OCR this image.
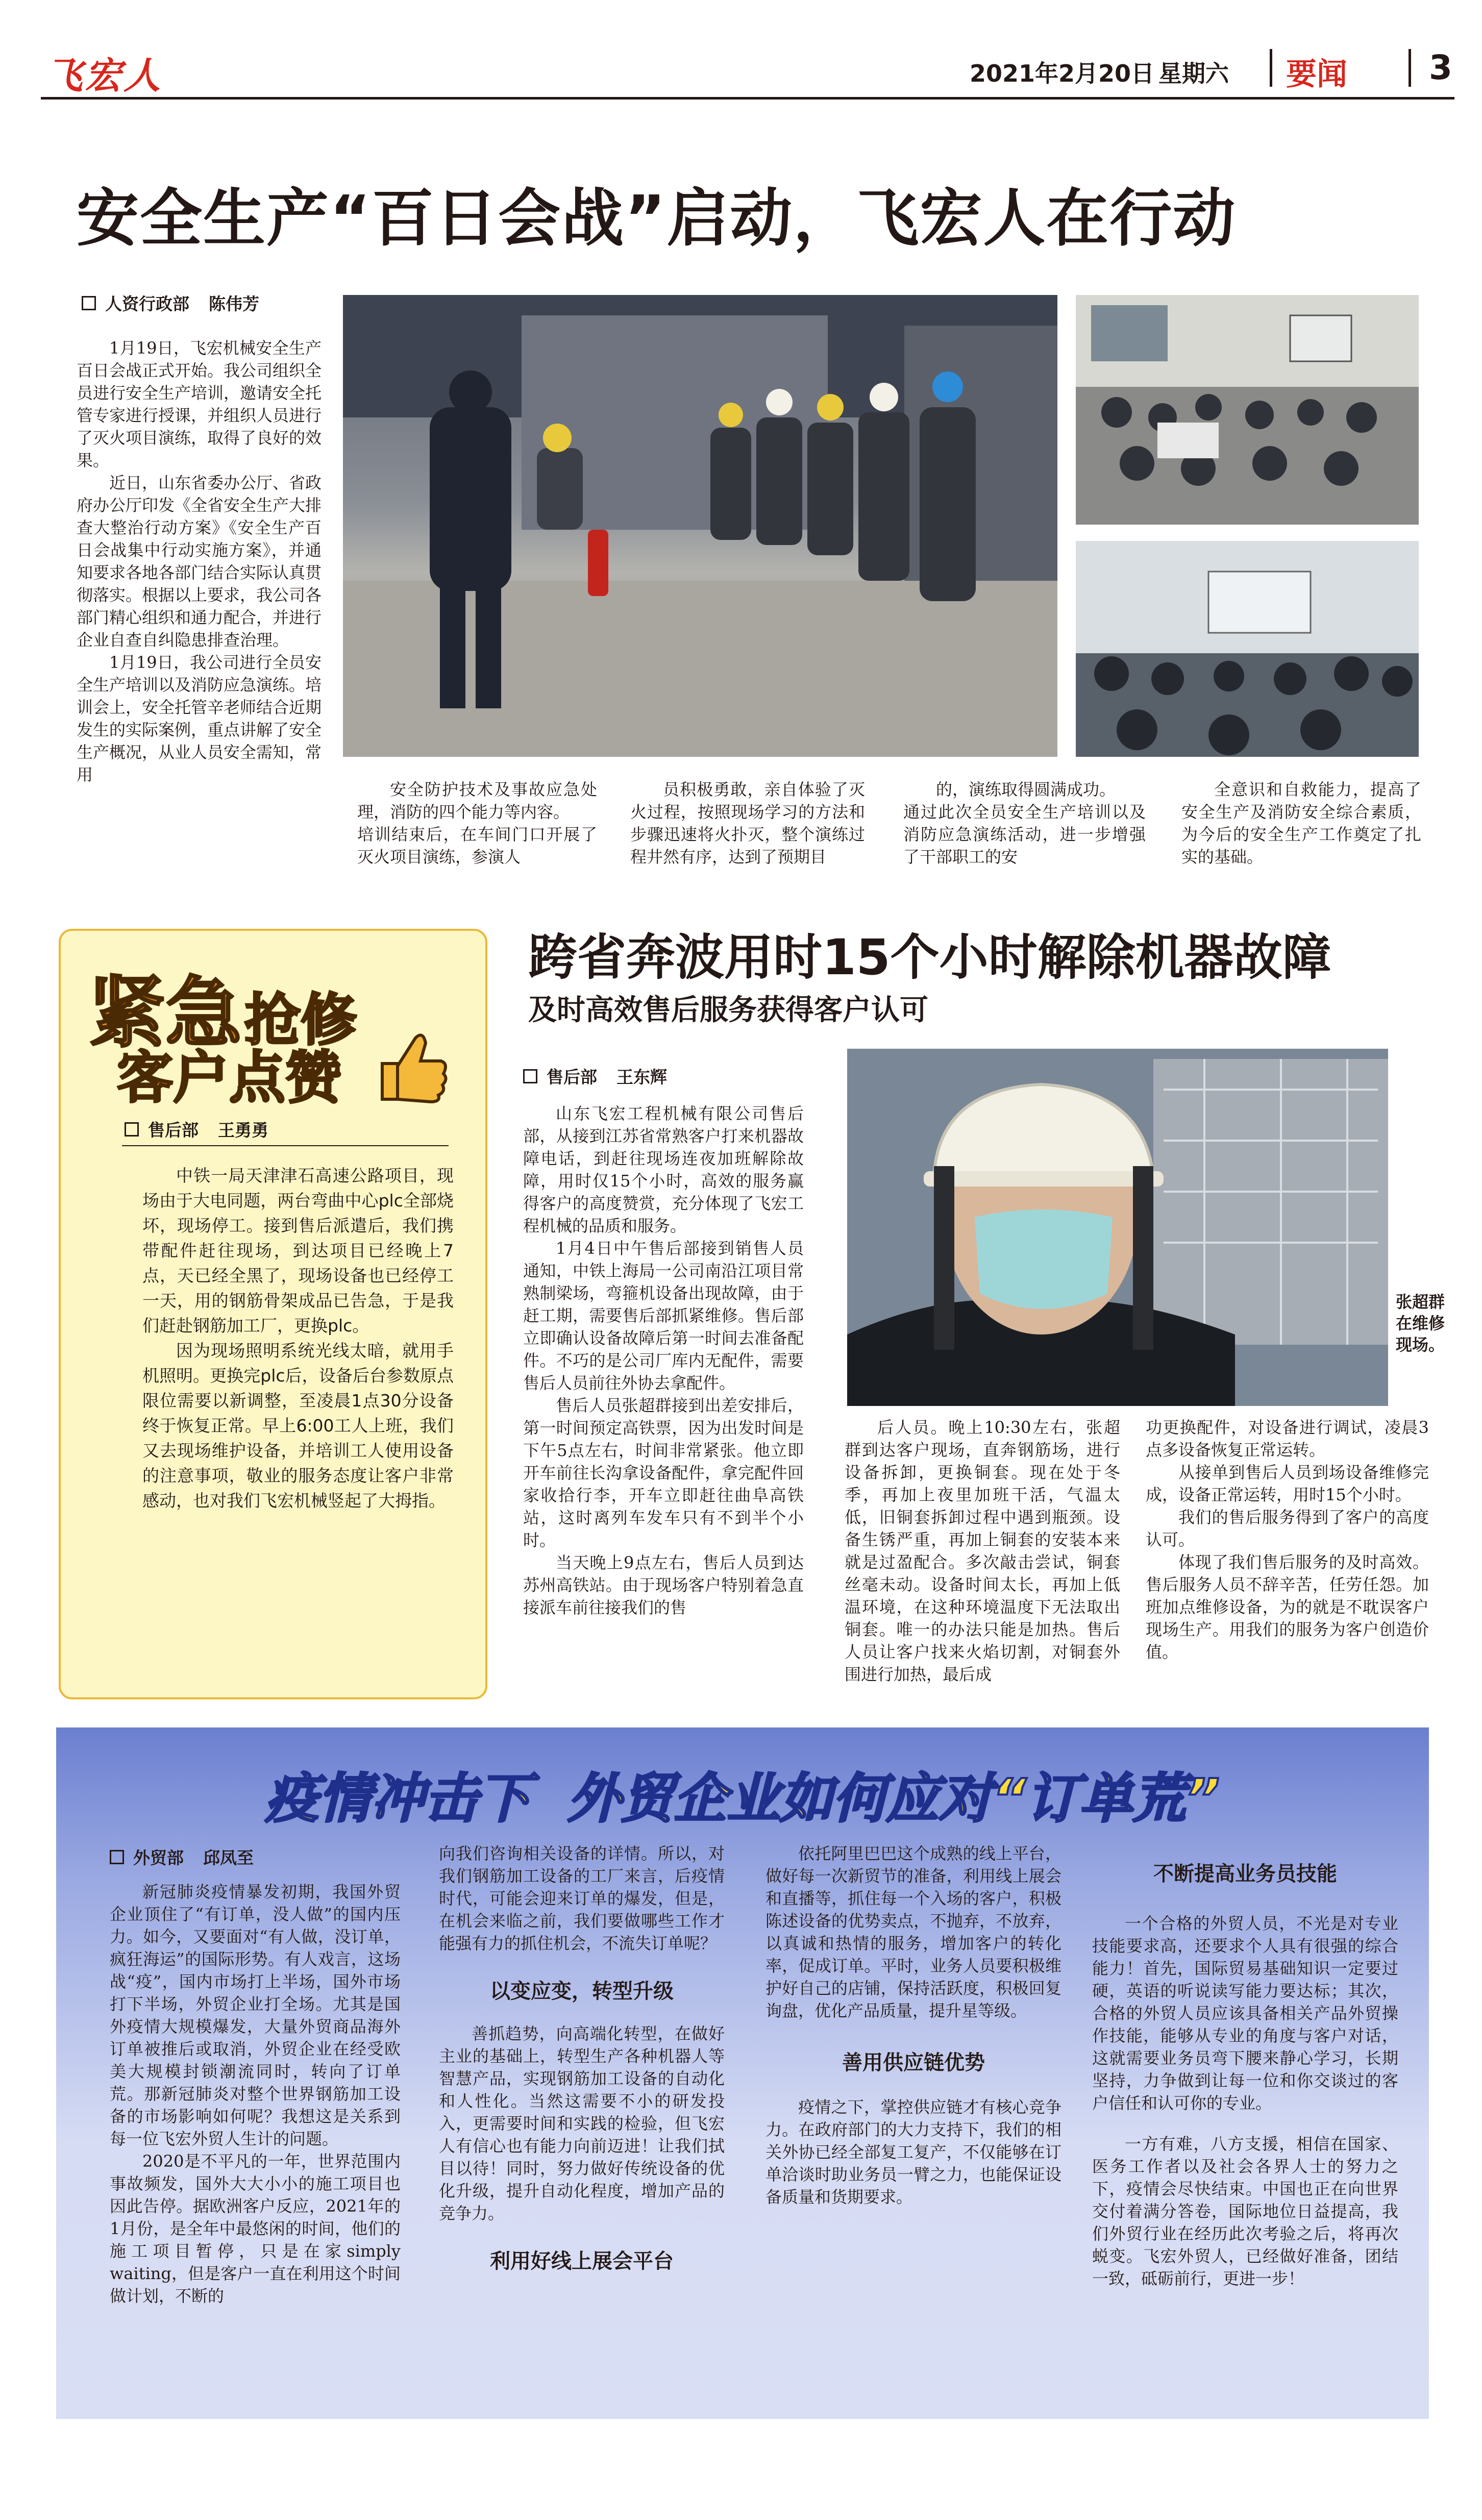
飞宏人	2021年2月20日 星期六 要闻 3
安全生产“百日会战”启动，飞宏人在行动
人资行政部 陈伟芳

1月19日，飞宏机械安全生产百日会战正式开始。我公司组织全员进行安全生产培训，邀请安全托管专家进行授课，并组织人员进行了灭火项目演练，取得了良好的效果。

近日，山东省委办公厅、省政府办公厅印发《全省安全生产大排查大整治行动方案》《安全生产百日会战集中行动实施方案》，并通知要求各地各部门结合实际认真贯彻落实。根据以上要求，我公司各部门精心组织和通力配合，并进行企业自查自纠隐患排查治理。

1月19日，我公司进行全员安全生产培训以及消防应急演练。培训会上，安全托管辛老师结合近期发生的实际案例，重点讲解了安全生产概况，从业人员安全需知，常用

安全防护技术及事故应急处理，消防的四个能力等内容。
培训结束后，在车间门口开展了灭火项目演练，参演人
员积极勇敢，亲自体验了灭火过程，按照现场学习的方法和步骤迅速将火扑灭，整个演练过程井然有序，达到了预期目
的，演练取得圆满成功。
通过此次全员安全生产培训以及消防应急演练活动，进一步增强了干部职工的安
全意识和自救能力，提高了安全生产及消防安全综合素质，为今后的安全生产工作奠定了扎实的基础。
紧急 抢修
客户点赞
售后部 王勇勇

中铁一局天津津石高速公路项目，现场由于大电同题，两台弯曲中心plc全部烧坏，现场停工。接到售后派遣后，我们携带配件赶往现场，到达项目已经晚上7点，天已经全黑了，现场设备也已经停工一天，用的钢筋骨架成品已告急，于是我们赶赴钢筋加工厂，更换plc。

因为现场照明系统光线太暗，就用手机照明。更换完plc后，设备后台参数原点限位需要以新调整，至凌晨1点30分设备终于恢复正常。早上6:00工人上班，我们又去现场维护设备，并培训工人使用设备的注意事项，敬业的服务态度让客户非常感动，也对我们飞宏机械竖起了大拇指。

跨省奔波用时15个小时解除机器故障
及时高效售后服务获得客户认可
售后部 王东辉

山东飞宏工程机械有限公司售后部，从接到江苏省常熟客户打来机器故障电话，到赶往现场连夜加班解除故障，用时仅15个小时，高效的服务赢得客户的高度赞赏，充分体现了飞宏工程机械的品质和服务。

1月4日中午售后部接到销售人员通知，中铁上海局一公司南沿江项目常熟制梁场，弯箍机设备出现故障，由于赶工期，需要售后部抓紧维修。售后部立即确认设备故障后第一时间去准备配件。不巧的是公司厂库内无配件，需要售后人员前往外协去拿配件。

售后人员张超群接到出差安排后，第一时间预定高铁票，因为出发时间是下午5点左右，时间非常紧张。他立即开车前往长沟拿设备配件，拿完配件回家收拾行李，开车立即赶往曲阜高铁站，这时离列车发车只有不到半个小时。

当天晚上9点左右，售后人员到达苏州高铁站。由于现场客户特别着急直接派车前往接我们的售

张超群在维修现场。
后人员。晚上10:30左右，张超群到达客户现场，直奔钢筋场，进行设备拆卸，更换铜套。现在处于冬季，再加上夜里加班干活，气温太低，旧铜套拆卸过程中遇到瓶颈。设备生锈严重，再加上铜套的安装本来就是过盈配合。多次敲击尝试，铜套丝毫未动。设备时间太长，再加上低温环境，在这种环境温度下无法取出铜套。唯一的办法只能是加热。售后人员让客户找来火焰切割，对铜套外围进行加热，最后成

功更换配件，对设备进行调试，凌晨3点多设备恢复正常运转。

从接单到售后人员到场设备维修完成，设备正常运转，用时15个小时。

我们的售后服务得到了客户的高度认可。

体现了我们售后服务的及时高效。售后服务人员不辞辛苦，任劳任怨。加班加点维修设备，为的就是不耽误客户现场生产。用我们的服务为客户创造价值。

疫情冲击下  外贸企业如何应对“订单荒”
外贸部 邱凤至

新冠肺炎疫情暴发初期，我国外贸企业顶住了“有订单，没人做”的国内压力。如今，又要面对“有人做，没订单，疯狂海运”的国际形势。有人戏言，这场战“疫”，国内市场打上半场，国外市场打下半场，外贸企业打全场。尤其是国外疫情大规模爆发，大量外贸商品海外订单被推后或取消，外贸企业在经受欧美大规模封锁潮流同时，转向了订单荒。那新冠肺炎对整个世界钢筋加工设备的市场影响如何呢？我想这是关系到每一位飞宏外贸人生计的问题。

2020是不平凡的一年，世界范围内事故频发，国外大大小小的施工项目也因此告停。据欧洲客户反应，2021年的1月份，是全年中最悠闲的时间，他们的施工项目暂停，只是在家simply waiting，但是客户一直在利用这个时间做计划，不断的

向我们咨询相关设备的详情。所以，对我们钢筋加工设备的工厂来言，后疫情时代，可能会迎来订单的爆发，但是，在机会来临之前，我们要做哪些工作才能强有力的抓住机会，不流失订单呢？
以变应变，转型升级
善抓趋势，向高端化转型，在做好主业的基础上，转型生产各种机器人等智慧产品，实现钢筋加工设备的自动化和人性化。当然这需要不小的研发投入，更需要时间和实践的检验，但飞宏人有信心也有能力向前迈进！让我们拭目以待！同时，努力做好传统设备的优化升级，提升自动化程度，增加产品的竞争力。
利用好线上展会平台
依托阿里巴巴这个成熟的线上平台，做好每一次新贸节的准备，利用线上展会和直播等，抓住每一个入场的客户，积极陈述设备的优势卖点，不抛弃，不放弃，以真诚和热情的服务，增加客户的转化率，促成订单。平时，业务人员要积极维护好自己的店铺，保持活跃度，积极回复询盘，优化产品质量，提升星等级。
善用供应链优势
疫情之下，掌控供应链才有核心竞争力。在政府部门的大力支持下，我们的相关外协已经全部复工复产，不仅能够在订单洽谈时助业务员一臂之力，也能保证设备质量和货期要求。
不断提高业务员技能
一个合格的外贸人员，不光是对专业技能要求高，还要求个人具有很强的综合能力！首先，国际贸易基础知识一定要过硬，英语的听说读写能力要达标；其次，合格的外贸人员应该具备相关产品外贸操作技能，能够从专业的角度与客户对话，这就需要业务员弯下腰来静心学习，长期坚持，力争做到让每一位和你交谈过的客户信任和认可你的专业。
一方有难，八方支援，相信在国家、医务工作者以及社会各界人士的努力之下，疫情会尽快结束。中国也正在向世界交付着满分答卷，国际地位日益提高，我们外贸行业在经历此次考验之后，将再次蜕变。飞宏外贸人，已经做好准备，团结一致，砥砺前行，更进一步！
